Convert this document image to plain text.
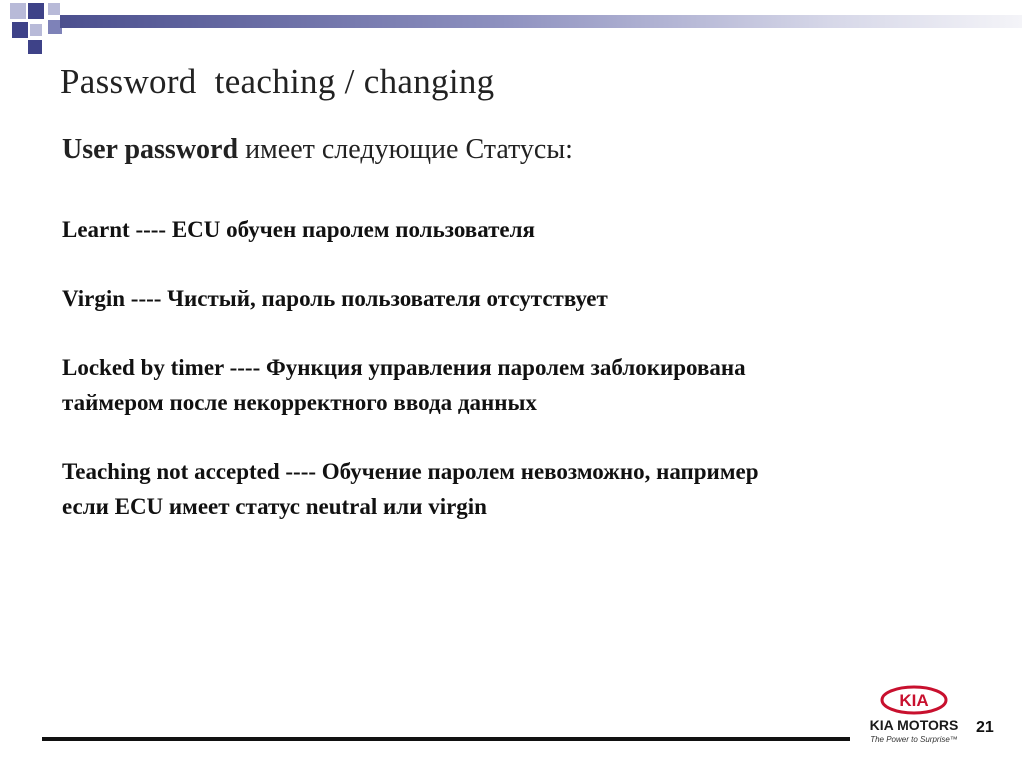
Password  teaching / changing
User password имеет следующие Статусы:
Learnt ---- ECU обучен паролем пользователя
Virgin ---- Чистый, пароль пользователя отсутствует
Locked by timer ---- Функция управления паролем заблокирована
таймером после некорректного ввода данных
Teaching not accepted ---- Обучение паролем невозможно, например
если ECU имеет статус neutral или virgin
KIA
KIA MOTORS
The Power to Surprise™
21
